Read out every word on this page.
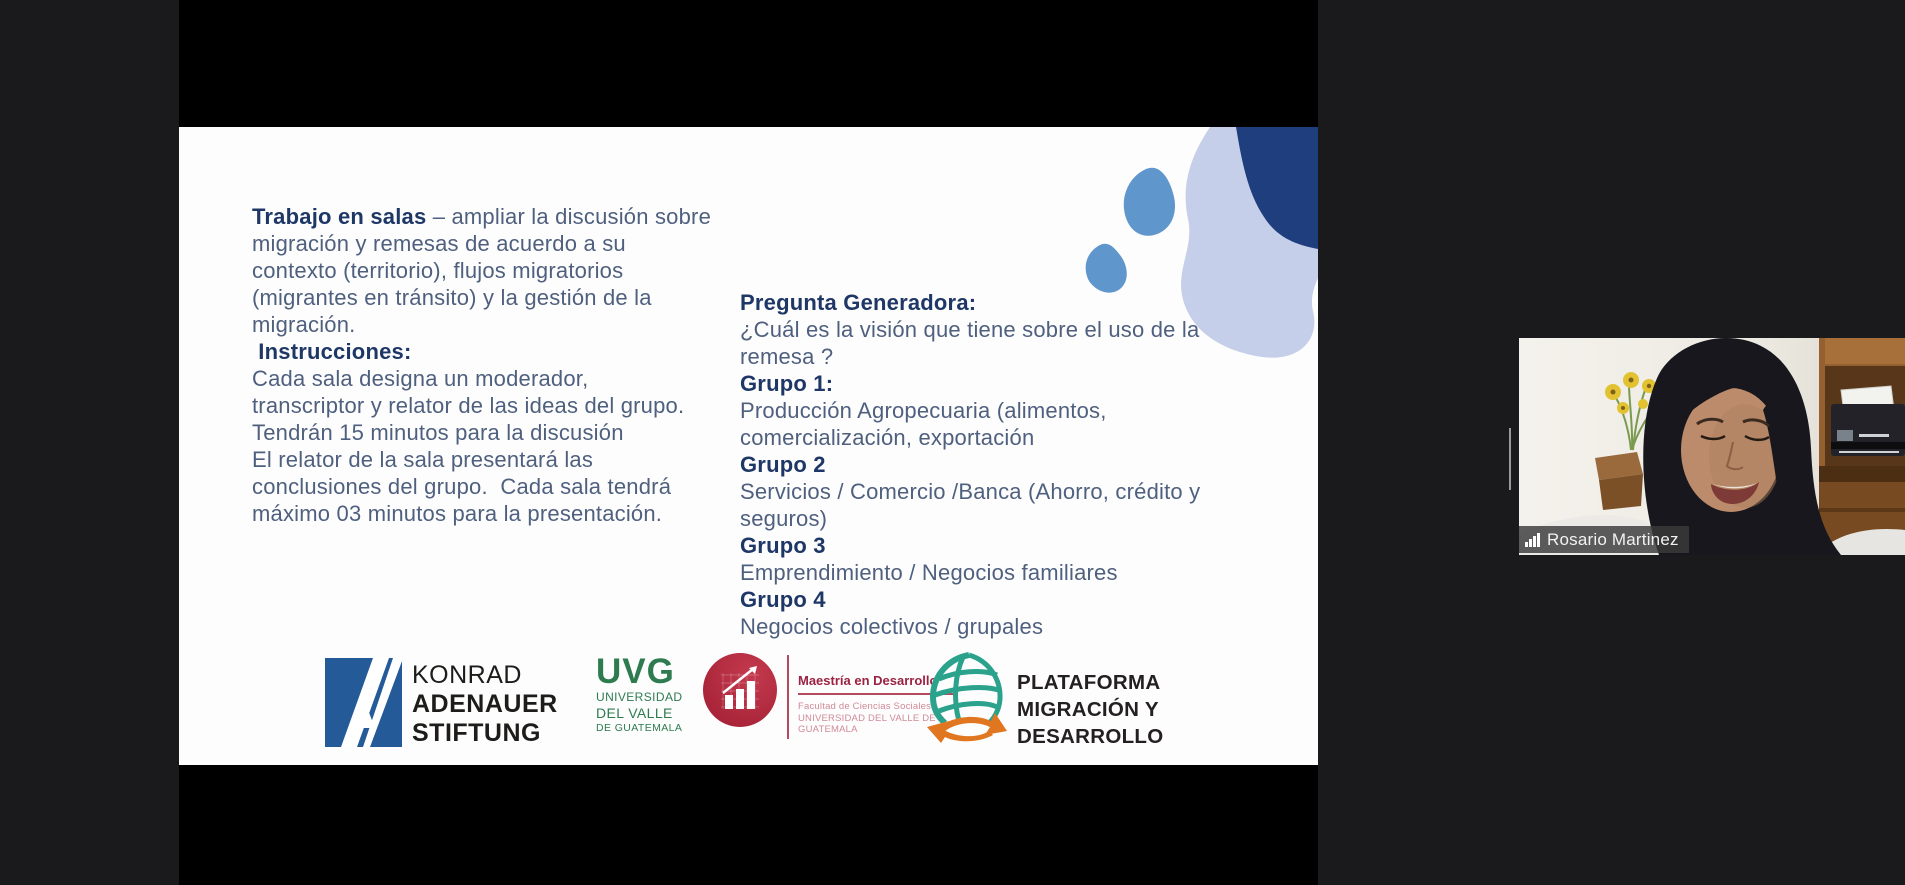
Trabajo en salas – ampliar la discusión sobre
migración y remesas de acuerdo a su
contexto (territorio), flujos migratorios
(migrantes en tránsito) y la gestión de la
migración.
Instrucciones:
Cada sala designa un moderador,
transcriptor y relator de las ideas del grupo.
Tendrán 15 minutos para la discusión
El relator de la sala presentará las
conclusiones del grupo.  Cada sala tendrá
máximo 03 minutos para la presentación.
Pregunta Generadora:
¿Cuál es la visión que tiene sobre el uso de la
remesa ?
Grupo 1:
Producción Agropecuaria (alimentos,
comercialización, exportación
Grupo 2
Servicios / Comercio /Banca (Ahorro, crédito y
seguros)
Grupo 3
Emprendimiento / Negocios familiares
Grupo 4
Negocios colectivos / grupales
KONRAD
ADENAUER
STIFTUNG
UVG
UNIVERSIDAD
DEL VALLE
DE GUATEMALA
Maestría en Desarrollo
Facultad de Ciencias Sociales
UNIVERSIDAD DEL VALLE DE GUATEMALA
PLATAFORMA
MIGRACIÓN Y
DESARROLLO
Rosario Martinez
